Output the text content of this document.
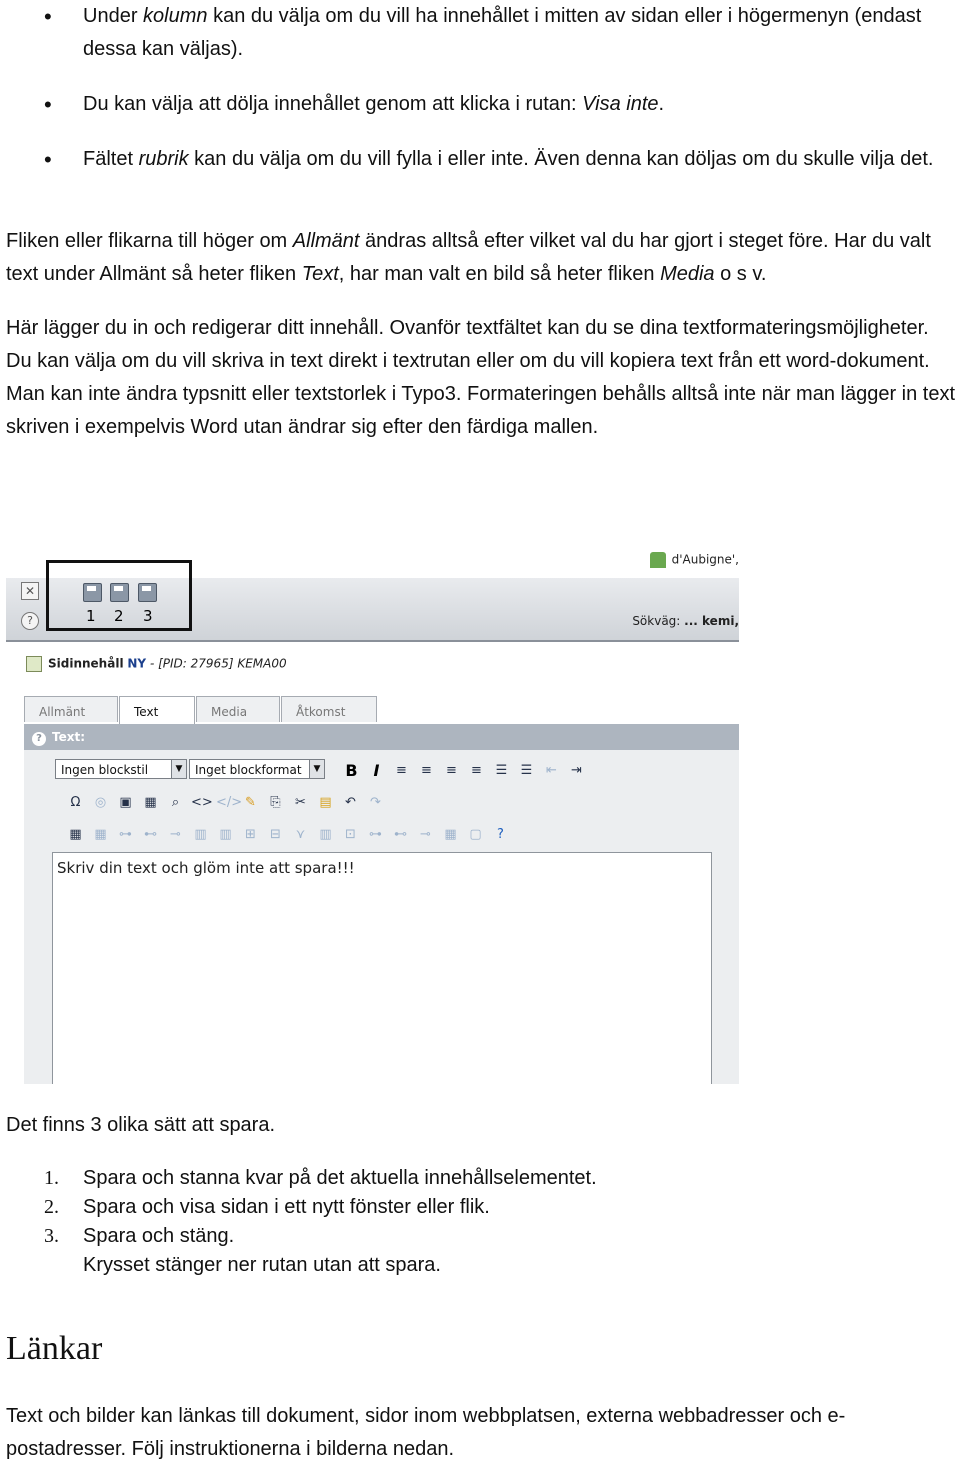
• Under kolumn kan du välja om du vill ha innehållet i mitten av sidan eller i högermenyn (endast dessa kan väljas).
• Du kan välja att dölja innehållet genom att klicka i rutan: Visa inte.
• Fältet rubrik kan du välja om du vill fylla i eller inte. Även denna kan döljas om du skulle vilja det.

Fliken eller flikarna till höger om Allmänt ändras alltså efter vilket val du har gjort i steget före. Har du valt text under Allmänt så heter fliken Text, har man valt en bild så heter fliken Media o s v.

Här lägger du in och redigerar ditt innehåll. Ovanför textfältet kan du se dina textformateringsmöjligheter. Du kan välja om du vill skriva in text direkt i textrutan eller om du vill kopiera text från ett word-dokument. Man kan inte ändra typsnitt eller textstorlek i Typo3. Formateringen behålls alltså inte när man lägger in text skriven i exempelvis Word utan ändrar sig efter den färdiga mallen.

d'Aubigne',
✕
?	1 2 3	Sökväg: ... kemi,
Sidinnehåll NY - [PID: 27965] KEMA00
Allmänt	Text	Media	Åtkomst
? Text:
Ingen blockstil	▼	Inget blockformat	▼ B I	≡	≡	≡	≡	☰ ☰	⇤	⇥
Ω	◎ ▣ ▦	⌕ <> </> ✎	⎘	✂	▤	↶	↷
▦ ▦ ⊶ ⊷	⊸	▥ ▥	⊞	⊟	⋎	▥	⊡	⊶ ⊷	⊸	▦ ▢	?
Skriv din text och glöm inte att spara!!!

Det finns 3 olika sätt att spara.

1. Spara och stanna kvar på det aktuella innehållselementet.
2. Spara och visa sidan i ett nytt fönster eller flik.
3. Spara och stäng.
Krysset stänger ner rutan utan att spara.
Länkar

Text och bilder kan länkas till dokument, sidor inom webbplatsen, externa webbadresser och e-postadresser. Följ instruktionerna i bilderna nedan.
